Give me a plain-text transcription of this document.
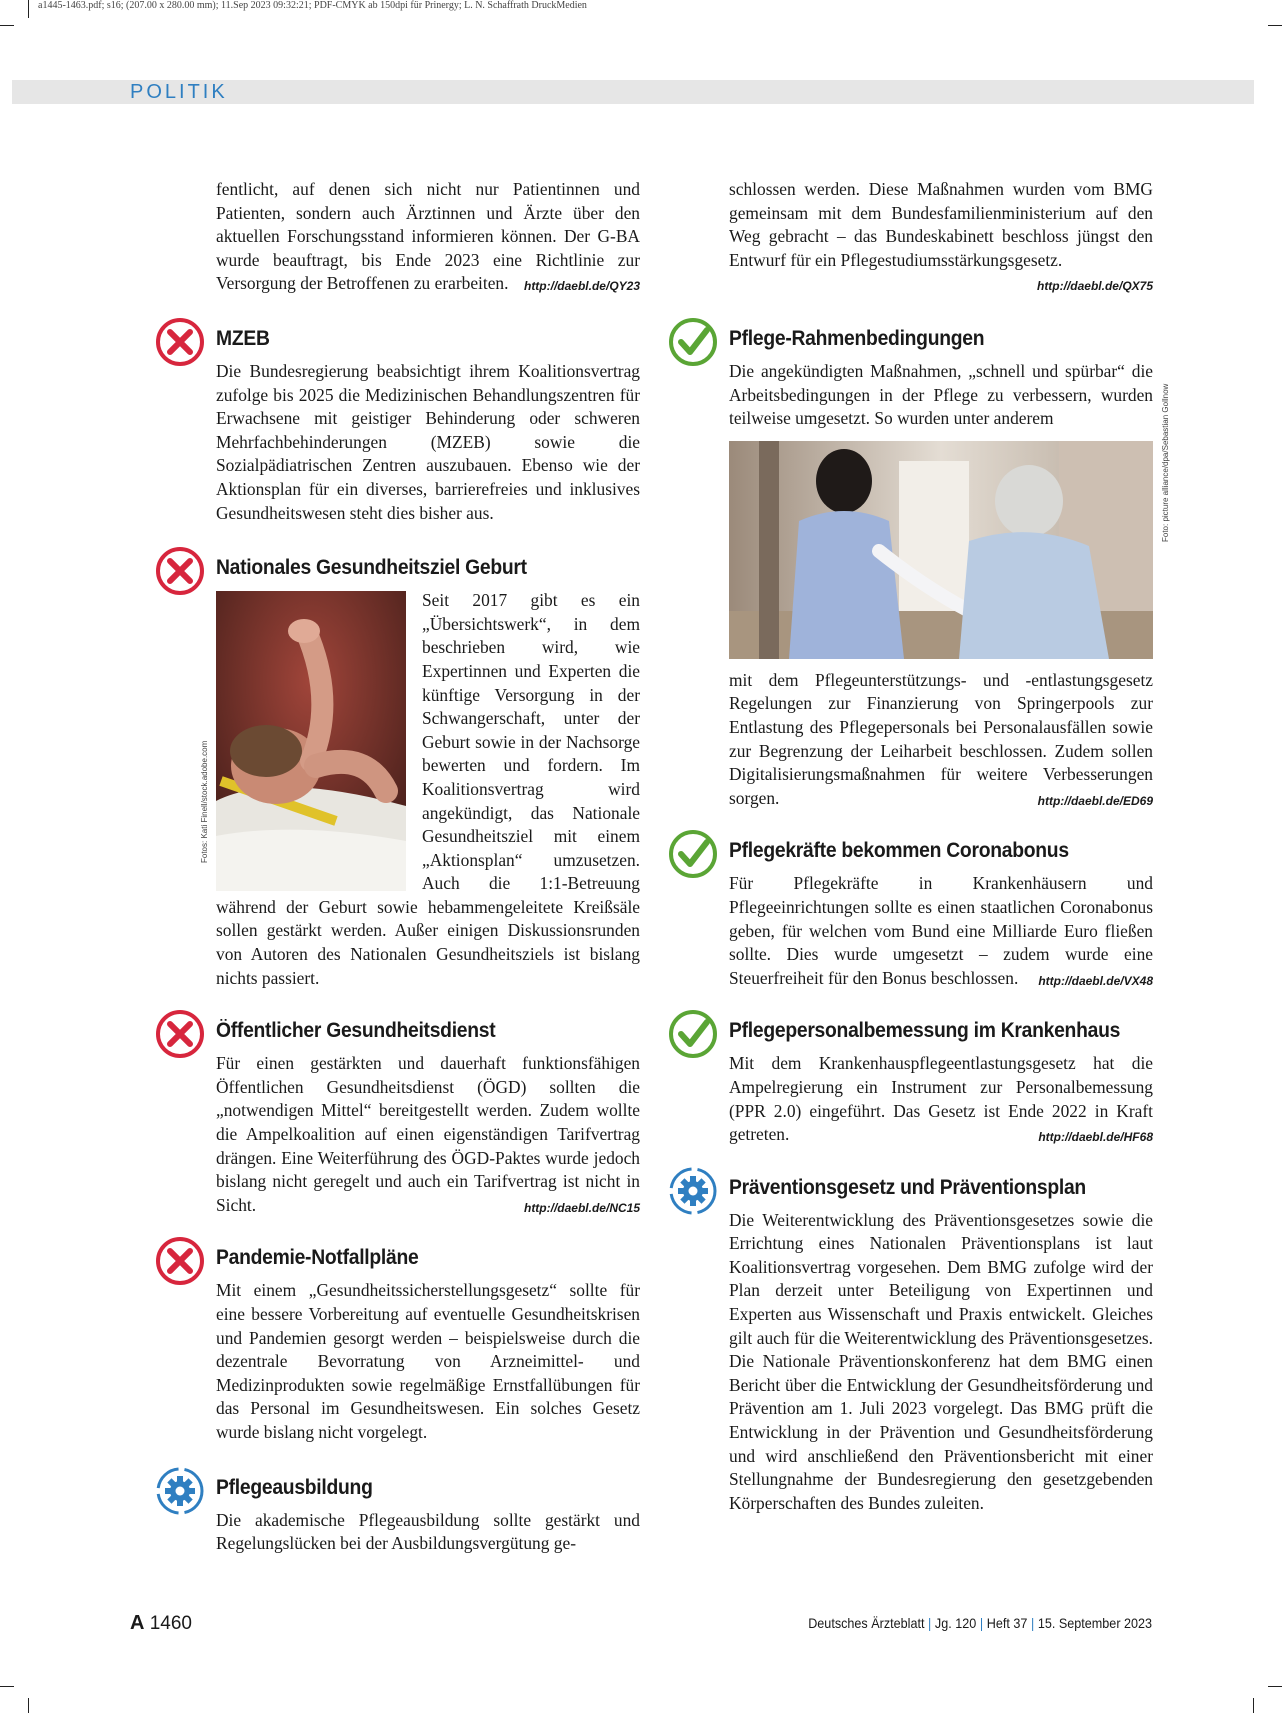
a1445-1463.pdf; s16; (207.00 x 280.00 mm); 11.Sep 2023 09:32:21; PDF-CMYK ab 150dpi für Prinergy; L. N. Schaffrath DruckMedien
POLITIK

fentlicht, auf denen sich nicht nur Patientinnen und Patienten, sondern auch Ärztinnen und Ärzte über den aktuellen Forschungsstand informieren können. Der G-BA wurde beauftragt, bis Ende 2023 eine Richtlinie zur Versorgung der Betroffenen zu erarbeiten. http://daebl.de/QY23

MZEB

Die Bundesregierung beabsichtigt ihrem Koalitionsvertrag zufolge bis 2025 die Medizinischen Behandlungszentren für Erwachsene mit geistiger Behinderung oder schweren Mehrfachbehinderungen (MZEB) sowie die Sozialpädiatrischen Zentren auszubauen. Ebenso wie der Aktionsplan für ein diverses, barrierefreies und inklusives Gesundheitswesen steht dies bisher aus.

Nationales Gesundheitsziel Geburt
Fotos: Kati Finell/stock.adobe.com

Seit 2017 gibt es ein „Übersichtswerk“, in dem beschrieben wird, wie Expertinnen und Experten die künftige Versorgung in der Schwangerschaft, unter der Geburt sowie in der Nachsorge bewerten und fordern. Im Koalitionsvertrag wird angekündigt, das Nationale Gesundheitsziel mit einem „Aktionsplan“ umzusetzen. Auch die 1:1-Betreuung während der Geburt sowie hebammengeleitete Kreißsäle sollen gestärkt werden. Außer einigen Diskussionsrunden von Autoren des Nationalen Gesundheitsziels ist bislang nichts passiert.

Öffentlicher Gesundheitsdienst

Für einen gestärkten und dauerhaft funktionsfähigen Öffentlichen Gesundheitsdienst (ÖGD) sollten die „notwendigen Mittel“ bereitgestellt werden. Zudem wollte die Ampelkoalition auf einen eigenständigen Tarifvertrag drängen. Eine Weiterführung des ÖGD-Paktes wurde jedoch bislang nicht geregelt und auch ein Tarifvertrag ist nicht in Sicht.	http://daebl.de/NC15

Pandemie-Notfallpläne

Mit einem „Gesundheitssicherstellungsgesetz“ sollte für eine bessere Vorbereitung auf eventuelle Gesundheitskrisen und Pandemien gesorgt werden – beispielsweise durch die dezentrale Bevorratung von Arzneimittel- und Medizinprodukten sowie regelmäßige Ernstfallübungen für das Personal im Gesundheitswesen. Ein solches Gesetz wurde bislang nicht vorgelegt.

Pflegeausbildung

Die akademische Pflegeausbildung sollte gestärkt und Regelungslücken bei der Ausbildungsvergütung ge-

schlossen werden. Diese Maßnahmen wurden vom BMG gemeinsam mit dem Bundesfamilienministerium auf den Weg gebracht – das Bundeskabinett beschloss jüngst den Entwurf für ein Pflegestudiumsstärkungsgesetz.
http://daebl.de/QX75

Pflege-Rahmenbedingungen

Die angekündigten Maßnahmen, „schnell und spürbar“ die Arbeitsbedingungen in der Pflege zu verbessern, wurden teilweise umgesetzt. So wurden unter anderem	Foto: picture alliance/dpa/Sebastian Gollnow

mit dem Pflegeunterstützungs- und -entlastungsgesetz Regelungen zur Finanzierung von Springerpools zur Entlastung des Pflegepersonals bei Personalausfällen sowie zur Begrenzung der Leiharbeit beschlossen. Zudem sollen Digitalisierungsmaßnahmen für weitere Verbesserungen sorgen.	http://daebl.de/ED69

Pflegekräfte bekommen Coronabonus

Für Pflegekräfte in Krankenhäusern und Pflegeeinrichtungen sollte es einen staatlichen Coronabonus geben, für welchen vom Bund eine Milliarde Euro fließen sollte. Dies wurde umgesetzt – zudem wurde eine Steuerfreiheit für den Bonus beschlossen. http://daebl.de/VX48

Pflegepersonalbemessung im Krankenhaus

Mit dem Krankenhauspflegeentlastungsgesetz hat die Ampelregierung ein Instrument zur Personalbemessung (PPR 2.0) eingeführt. Das Gesetz ist Ende 2022 in Kraft getreten.	http://daebl.de/HF68

Präventionsgesetz und Präventionsplan

Die Weiterentwicklung des Präventionsgesetzes sowie die Errichtung eines Nationalen Präventionsplans ist laut Koalitionsvertrag vorgesehen. Dem BMG zufolge wird der Plan derzeit unter Beteiligung von Expertinnen und Experten aus Wissenschaft und Praxis entwickelt. Gleiches gilt auch für die Weiterentwicklung des Präventionsgesetzes. Die Nationale Präventionskonferenz hat dem BMG einen Bericht über die Entwicklung der Gesundheitsförderung und Prävention am 1. Juli 2023 vorgelegt. Das BMG prüft die Entwicklung in der Prävention und Gesundheitsförderung und wird anschließend den Präventionsbericht mit einer Stellungnahme der Bundesregierung den gesetzgebenden Körperschaften des Bundes zuleiten.

A 1460	Deutsches Ärzteblatt | Jg. 120 | Heft 37 | 15. September 2023
